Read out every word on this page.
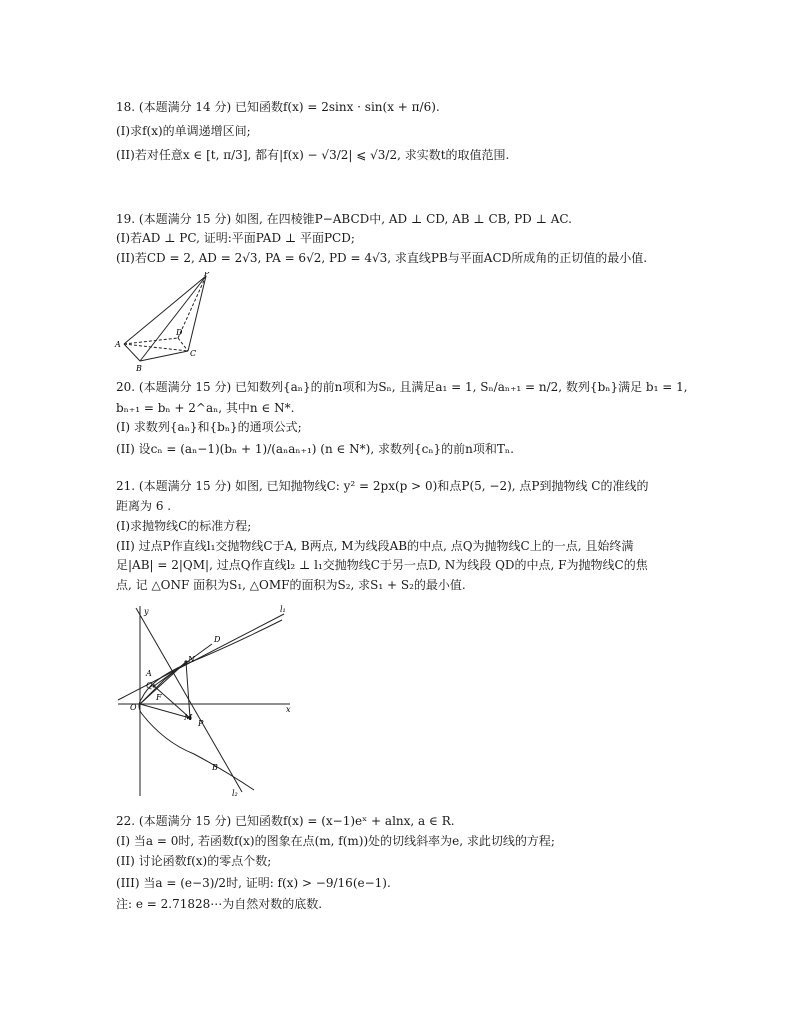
18. (本题满分 14 分) 已知函数f(x) = 2sinx · sin(x + π/6).
(I)求f(x)的单调递增区间;
(II)若对任意x ∈ [t, π/3], 都有|f(x) − √3/2| ⩽ √3/2, 求实数t的取值范围.
19. (本题满分 15 分) 如图, 在四棱锥P−ABCD中, AD ⊥ CD, AB ⊥ CB, PD ⊥ AC.
(I)若AD ⊥ PC, 证明:平面PAD ⊥ 平面PCD;
(II)若CD = 2, AD = 2√3, PA = 6√2, PD = 4√3, 求直线PB与平面ACD所成角的正切值的最小值.
P
A
B
C
D
20. (本题满分 15 分) 已知数列{aₙ}的前n项和为Sₙ, 且满足a₁ = 1, Sₙ/aₙ₊₁ = n/2, 数列{bₙ}满足 b₁ = 1,
bₙ₊₁ = bₙ + 2^aₙ, 其中n ∈ N*.
(I) 求数列{aₙ}和{bₙ}的通项公式;
(II) 设cₙ = (aₙ−1)(bₙ + 1)/(aₙaₙ₊₁) (n ∈ N*), 求数列{cₙ}的前n项和Tₙ.
21. (本题满分 15 分) 如图, 已知抛物线C: y² = 2px(p > 0)和点P(5, −2), 点P到抛物线 C的准线的
距离为 6 .
(I)求抛物线C的标准方程;
(II) 过点P作直线l₁交抛物线C于A, B两点, M为线段AB的中点, 点Q为抛物线C上的一点, 且始终满
足|AB| = 2|QM|, 过点Q作直线l₂ ⊥ l₁交抛物线C于另一点D, N为线段 QD的中点, F为抛物线C的焦
点, 记 △ONF 面积为S₁, △OMF的面积为S₂, 求S₁ + S₂的最小值.
y
x
O
l₁
l₂
D
A
Q
N
M
P
F
B
22. (本题满分 15 分) 已知函数f(x) = (x−1)eˣ + alnx, a ∈ R.
(I) 当a = 0时, 若函数f(x)的图象在点(m, f(m))处的切线斜率为e, 求此切线的方程;
(II) 讨论函数f(x)的零点个数;
(III) 当a = (e−3)/2时, 证明: f(x) > −9/16(e−1).
注: e = 2.71828⋯为自然对数的底数.
